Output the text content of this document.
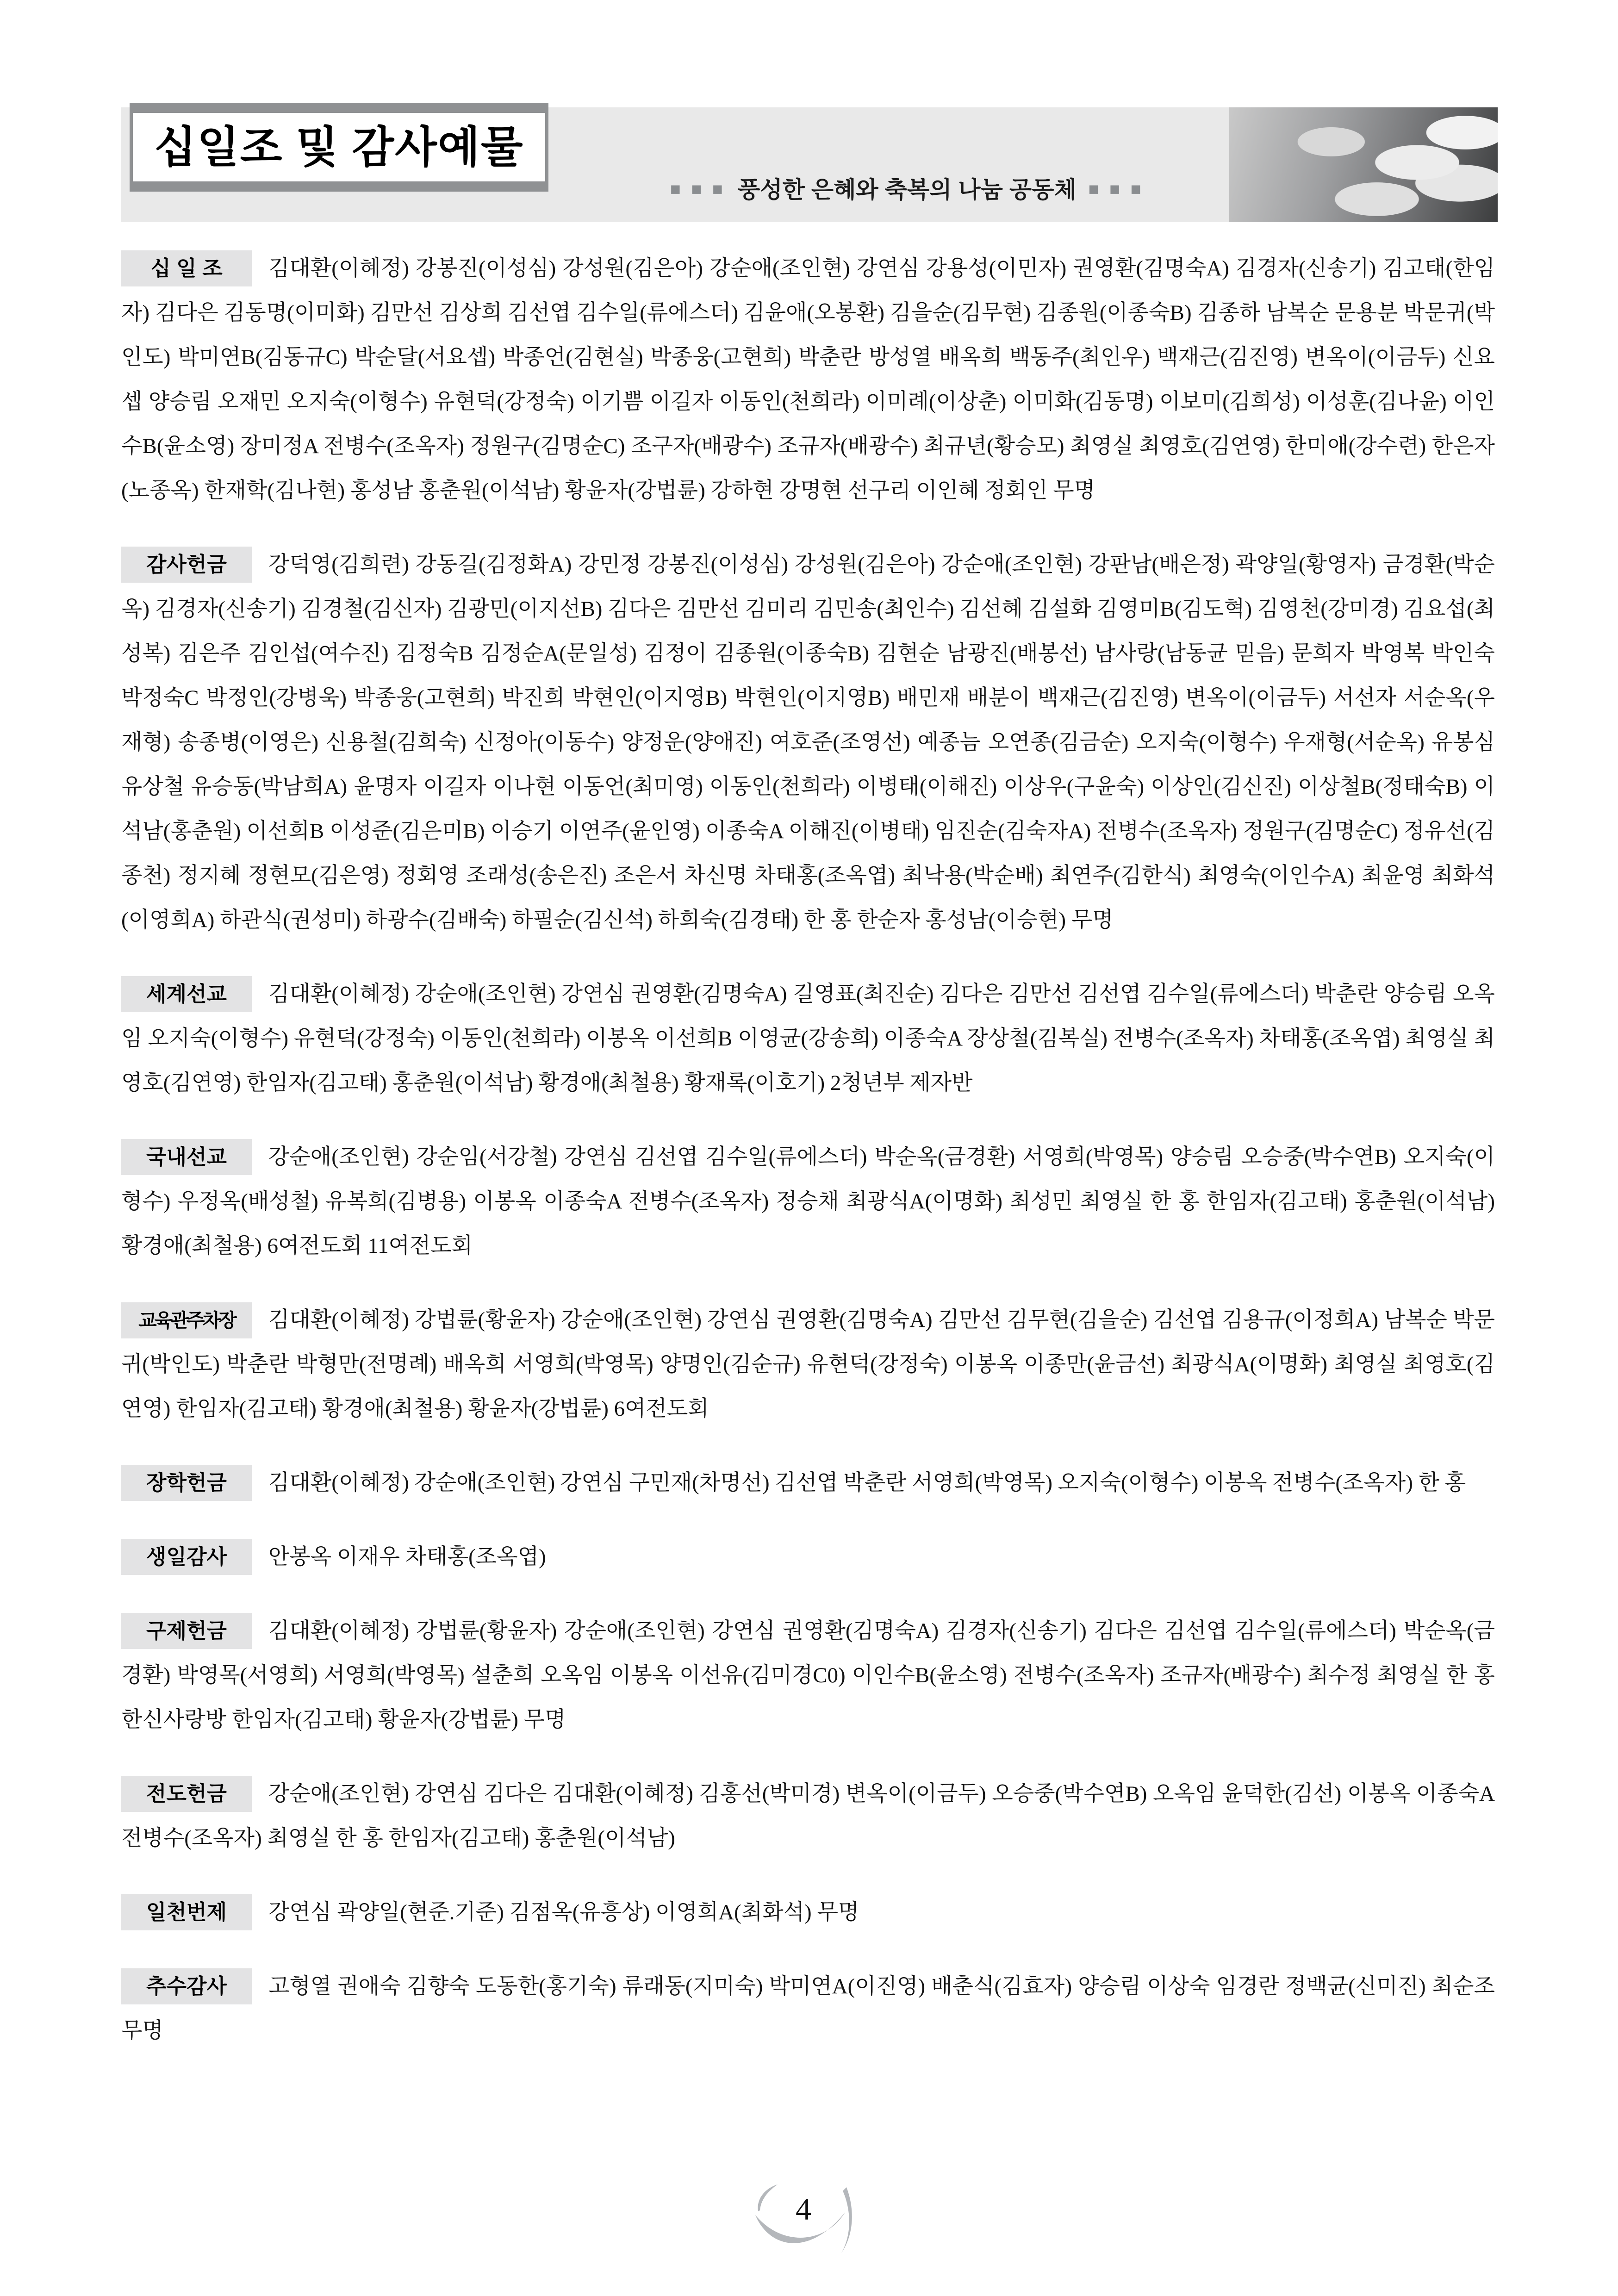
십일조 및 감사예물
■ ■ ■ 풍성한 은혜와 축복의 나눔 공동체 ■ ■ ■

십 일 조 김대환(이혜정) 강봉진(이성심) 강성원(김은아) 강순애(조인현) 강연심 강용성(이민자) 권영환(김명숙A) 김경자(신송기) 김고태(한임자) 김다은 김동명(이미화) 김만선 김상희 김선엽 김수일(류에스더) 김윤애(오봉환) 김을순(김무현) 김종원(이종숙B) 김종하 남복순 문용분 박문귀(박인도) 박미연B(김동규C) 박순달(서요셉) 박종언(김현실) 박종웅(고현희) 박춘란 방성열 배옥희 백동주(최인우) 백재근(김진영) 변옥이(이금두) 신요셉 양승림 오재민 오지숙(이형수) 유현덕(강정숙) 이기쁨 이길자 이동인(천희라) 이미례(이상춘) 이미화(김동명) 이보미(김희성) 이성훈(김나윤) 이인수B(윤소영) 장미정A 전병수(조옥자) 정원구(김명순C) 조구자(배광수) 조규자(배광수) 최규년(황승모) 최영실 최영호(김연영) 한미애(강수련) 한은자(노종옥) 한재학(김나현) 홍성남 홍춘원(이석남) 황윤자(강법륜) 강하현 강명현 선구리 이인혜 정회인 무명

감사헌금 강덕영(김희련) 강동길(김정화A) 강민정 강봉진(이성심) 강성원(김은아) 강순애(조인현) 강판남(배은정) 곽양일(황영자) 금경환(박순옥) 김경자(신송기) 김경철(김신자) 김광민(이지선B) 김다은 김만선 김미리 김민송(최인수) 김선혜 김설화 김영미B(김도혁) 김영천(강미경) 김요섭(최성복) 김은주 김인섭(여수진) 김정숙B 김정순A(문일성) 김정이 김종원(이종숙B) 김현순 남광진(배봉선) 남사랑(남동균 믿음) 문희자 박영복 박인숙 박정숙C 박정인(강병욱) 박종웅(고현희) 박진희 박현인(이지영B) 박현인(이지영B) 배민재 배분이 백재근(김진영) 변옥이(이금두) 서선자 서순옥(우재형) 송종병(이영은) 신용철(김희숙) 신정아(이동수) 양정운(양애진) 여호준(조영선) 예종늠 오연종(김금순) 오지숙(이형수) 우재형(서순옥) 유봉심 유상철 유승동(박남희A) 윤명자 이길자 이나현 이동언(최미영) 이동인(천희라) 이병태(이해진) 이상우(구윤숙) 이상인(김신진) 이상철B(정태숙B) 이석남(홍춘원) 이선희B 이성준(김은미B) 이승기 이연주(윤인영) 이종숙A 이해진(이병태) 임진순(김숙자A) 전병수(조옥자) 정원구(김명순C) 정유선(김종천) 정지혜 정현모(김은영) 정회영 조래성(송은진) 조은서 차신명 차태홍(조옥엽) 최낙용(박순배) 최연주(김한식) 최영숙(이인수A) 최윤영 최화석(이영희A) 하관식(권성미) 하광수(김배숙) 하필순(김신석) 하희숙(김경태) 한 홍 한순자 홍성남(이승현) 무명

세계선교 김대환(이혜정) 강순애(조인현) 강연심 권영환(김명숙A) 길영표(최진순) 김다은 김만선 김선엽 김수일(류에스더) 박춘란 양승림 오옥임 오지숙(이형수) 유현덕(강정숙) 이동인(천희라) 이봉옥 이선희B 이영균(강송희) 이종숙A 장상철(김복실) 전병수(조옥자) 차태홍(조옥엽) 최영실 최영호(김연영) 한임자(김고태) 홍춘원(이석남) 황경애(최철용) 황재록(이호기) 2청년부 제자반

국내선교 강순애(조인현) 강순임(서강철) 강연심 김선엽 김수일(류에스더) 박순옥(금경환) 서영희(박영목) 양승림 오승중(박수연B) 오지숙(이형수) 우정옥(배성철) 유복희(김병용) 이봉옥 이종숙A 전병수(조옥자) 정승채 최광식A(이명화) 최성민 최영실 한 홍 한임자(김고태) 홍춘원(이석남) 황경애(최철용) 6여전도회 11여전도회

교육관주차장 김대환(이혜정) 강법륜(황윤자) 강순애(조인현) 강연심 권영환(김명숙A) 김만선 김무현(김을순) 김선엽 김용규(이정희A) 남복순 박문귀(박인도) 박춘란 박형만(전명례) 배옥희 서영희(박영목) 양명인(김순규) 유현덕(강정숙) 이봉옥 이종만(윤금선) 최광식A(이명화) 최영실 최영호(김연영) 한임자(김고태) 황경애(최철용) 황윤자(강법륜) 6여전도회

장학헌금 김대환(이혜정) 강순애(조인현) 강연심 구민재(차명선) 김선엽 박춘란 서영희(박영목) 오지숙(이형수) 이봉옥 전병수(조옥자) 한 홍

생일감사 안봉옥 이재우 차태홍(조옥엽)

구제헌금 김대환(이혜정) 강법륜(황윤자) 강순애(조인현) 강연심 권영환(김명숙A) 김경자(신송기) 김다은 김선엽 김수일(류에스더) 박순옥(금경환) 박영목(서영희) 서영희(박영목) 설춘희 오옥임 이봉옥 이선유(김미경C0) 이인수B(윤소영) 전병수(조옥자) 조규자(배광수) 최수정 최영실 한 홍 한신사랑방 한임자(김고태) 황윤자(강법륜) 무명

전도헌금 강순애(조인현) 강연심 김다은 김대환(이혜정) 김홍선(박미경) 변옥이(이금두) 오승중(박수연B) 오옥임 윤덕한(김선) 이봉옥 이종숙A 전병수(조옥자) 최영실 한 홍 한임자(김고태) 홍춘원(이석남)

일천번제 강연심 곽양일(현준.기준) 김점옥(유흥상) 이영희A(최화석) 무명

추수감사 고형열 권애숙 김향숙 도동한(홍기숙) 류래동(지미숙) 박미연A(이진영) 배춘식(김효자) 양승림 이상숙 임경란 정백균(신미진) 최순조 무명

4
